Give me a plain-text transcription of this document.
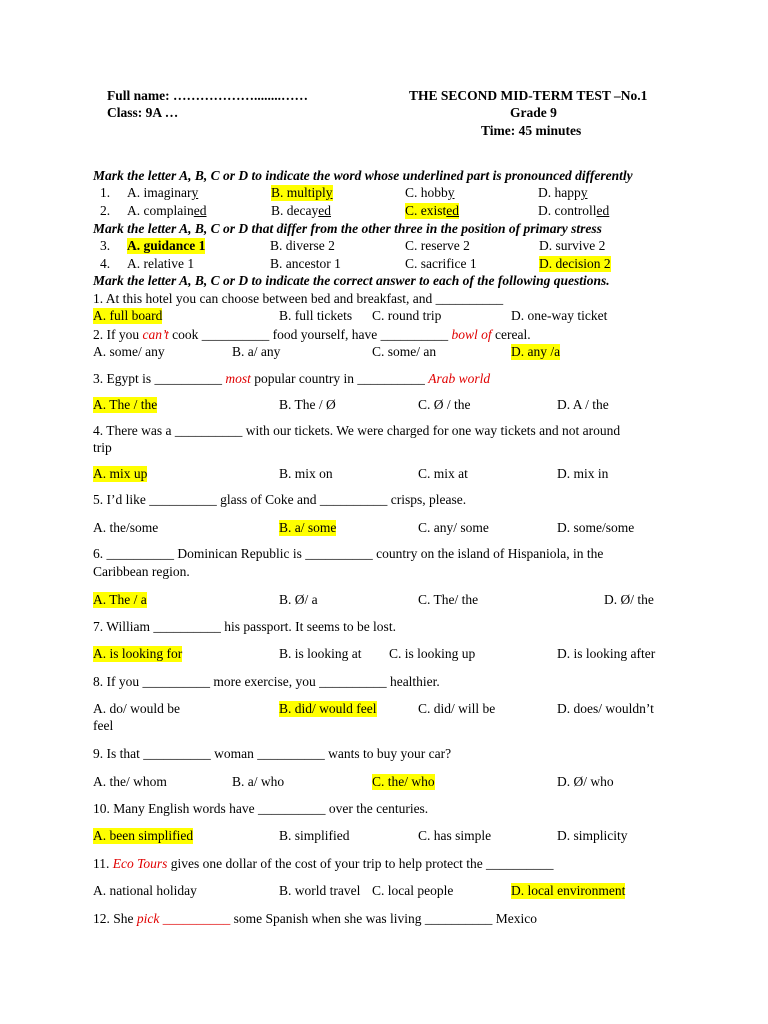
Full name: ………………........……
Class: 9A …
THE SECOND MID-TERM TEST –No.1
Grade 9
Time: 45 minutes
Mark the letter A, B, C or D to indicate the word whose underlined part is pronounced differently
1. A. imaginary	B. multiply	C. hobby	D. happy
2. A. complained	B. decayed	C. existed	D. controlled
Mark the letter A, B, C or D that differ from the other three in the position of primary stress
3. A. guidance 1	B. diverse 2	C. reserve 2	D. survive 2
4. A. relative 1	B. ancestor 1	C. sacrifice 1	D. decision 2
Mark the letter A, B, C or D to indicate the correct answer to each of the following questions.
1. At this hotel you can choose between bed and breakfast, and __________
A. full board	B. full tickets C. round trip	D. one-way ticket
2. If you can’t cook __________ food yourself, have __________ bowl of cereal.
A. some/ any	B. a/ any	C. some/ an	D. any /a
3. Egypt is __________ most popular country in __________ Arab world
A. The / the	B. The / Ø	C. Ø / the	D. A / the
4. There was a __________ with our tickets. We were charged for one way tickets and not around
trip
A. mix up	B. mix on	C. mix at	D. mix in
5. I’d like __________ glass of Coke and __________ crisps, please.
A. the/some	B. a/ some	C. any/ some	D. some/some
6. __________ Dominican Republic is __________ country on the island of Hispaniola, in the
Caribbean region.
A. The / a	B. Ø/ a	C. The/ the	D. Ø/ the
7. William __________ his passport. It seems to be lost.
A. is looking for	B. is looking at C. is looking up	D. is looking after
8. If you __________ more exercise, you __________ healthier.
A. do/ would be	B. did/ would feel	C. did/ will be	D. does/ wouldn’t
feel
9. Is that __________ woman __________ wants to buy your car?
A. the/ whom	B. a/ who	C. the/ who	D. Ø/ who
10. Many English words have __________ over the centuries.
A. been simplified	B. simplified	C. has simple	D. simplicity
11. Eco Tours gives one dollar of the cost of your trip to help protect the __________
A. national holiday	B. world travel C. local people	D. local environment
12. She pick __________ some Spanish when she was living __________ Mexico
